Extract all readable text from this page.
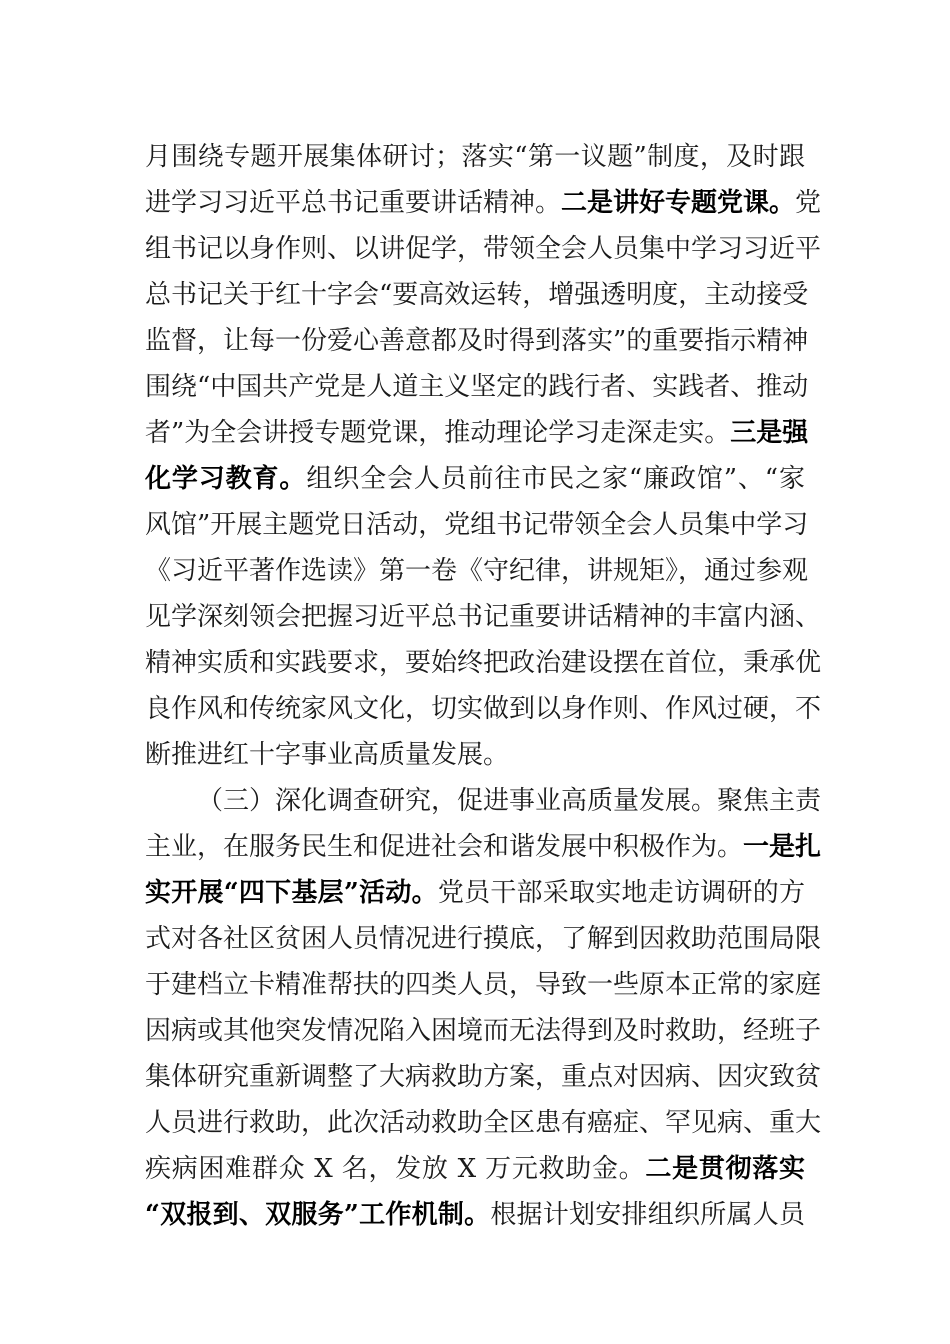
月围绕专题开展集体研讨；落实“第一议题”制度，及时跟
进学习习近平总书记重要讲话精神。二是讲好专题党课。党
组书记以身作则、以讲促学，带领全会人员集中学习习近平
总书记关于红十字会“要高效运转，增强透明度，主动接受
监督，让每一份爱心善意都及时得到落实”的重要指示精神
围绕“中国共产党是人道主义坚定的践行者、实践者、推动
者”为全会讲授专题党课，推动理论学习走深走实。三是强
化学习教育。组织全会人员前往市民之家“廉政馆”、“家
风馆”开展主题党日活动，党组书记带领全会人员集中学习
《习近平著作选读》第一卷《守纪律，讲规矩》，通过参观
见学深刻领会把握习近平总书记重要讲话精神的丰富内涵、
精神实质和实践要求，要始终把政治建设摆在首位，秉承优
良作风和传统家风文化，切实做到以身作则、作风过硬，不
断推进红十字事业高质量发展。
（三）深化调查研究，促进事业高质量发展。聚焦主责
主业，在服务民生和促进社会和谐发展中积极作为。一是扎
实开展“四下基层”活动。党员干部采取实地走访调研的方
式对各社区贫困人员情况进行摸底，了解到因救助范围局限
于建档立卡精准帮扶的四类人员，导致一些原本正常的家庭
因病或其他突发情况陷入困境而无法得到及时救助，经班子
集体研究重新调整了大病救助方案，重点对因病、因灾致贫
人员进行救助，此次活动救助全区患有癌症、罕见病、重大
疾病困难群众 X 名，发放 X 万元救助金。二是贯彻落实
“双报到、双服务”工作机制。根据计划安排组织所属人员
